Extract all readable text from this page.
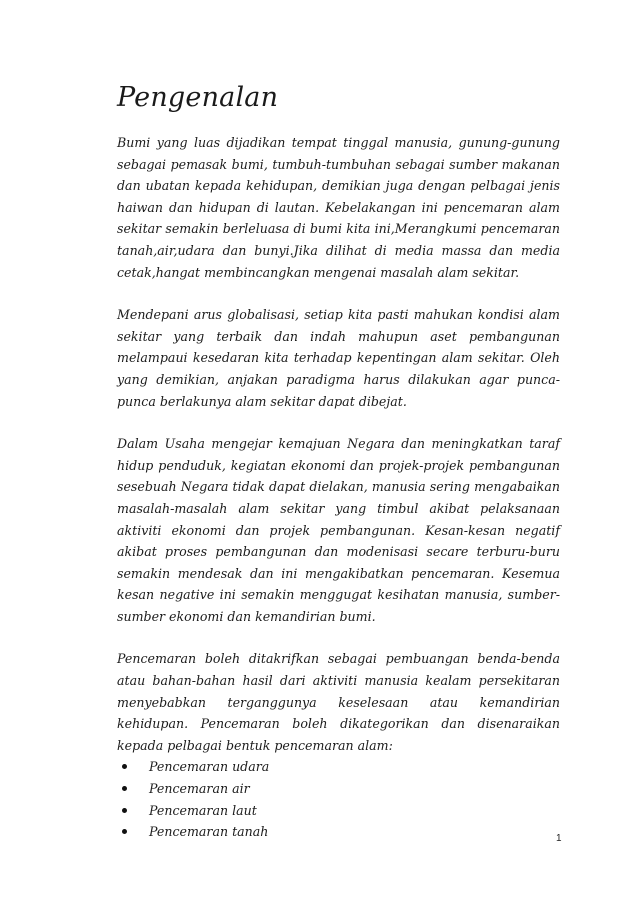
Pengenalan

Bumi yang luas dijadikan tempat tinggal manusia, gunung-gunung sebagai pemasak bumi, tumbuh-tumbuhan sebagai sumber makanan dan ubatan kepada kehidupan, demikian juga dengan pelbagai jenis haiwan dan hidupan di lautan. Kebelakangan ini pencemaran alam sekitar semakin berleluasa di bumi kita ini,Merangkumi pencemaran tanah,air,udara dan bunyi.Jika dilihat di media massa dan media cetak,hangat membincangkan mengenai masalah alam sekitar.

Mendepani arus globalisasi, setiap kita pasti mahukan kondisi alam sekitar yang terbaik dan indah mahupun aset pembangunan melampaui kesedaran kita terhadap kepentingan alam sekitar. Oleh yang demikian, anjakan paradigma harus dilakukan agar punca-punca berlakunya alam sekitar dapat dibejat.

Dalam Usaha mengejar kemajuan Negara dan meningkatkan taraf hidup penduduk, kegiatan ekonomi dan projek-projek pembangunan sesebuah Negara tidak dapat dielakan, manusia sering mengabaikan masalah-masalah alam sekitar yang timbul akibat pelaksanaan aktiviti ekonomi dan projek pembangunan. Kesan-kesan negatif akibat proses pembangunan dan modenisasi secare terburu-buru semakin mendesak dan ini mengakibatkan pencemaran. Kesemua kesan negative ini semakin menggugat kesihatan manusia, sumber-sumber ekonomi dan kemandirian bumi.

Pencemaran boleh ditakrifkan sebagai pembuangan benda-benda atau bahan-bahan hasil dari aktiviti manusia kealam persekitaran menyebabkan terganggunya keselesaan atau kemandirian kehidupan. Pencemaran boleh dikategorikan dan disenaraikan kepada pelbagai bentuk pencemaran alam:

Pencemaran udara
Pencemaran air
Pencemaran laut
Pencemaran tanah	1
